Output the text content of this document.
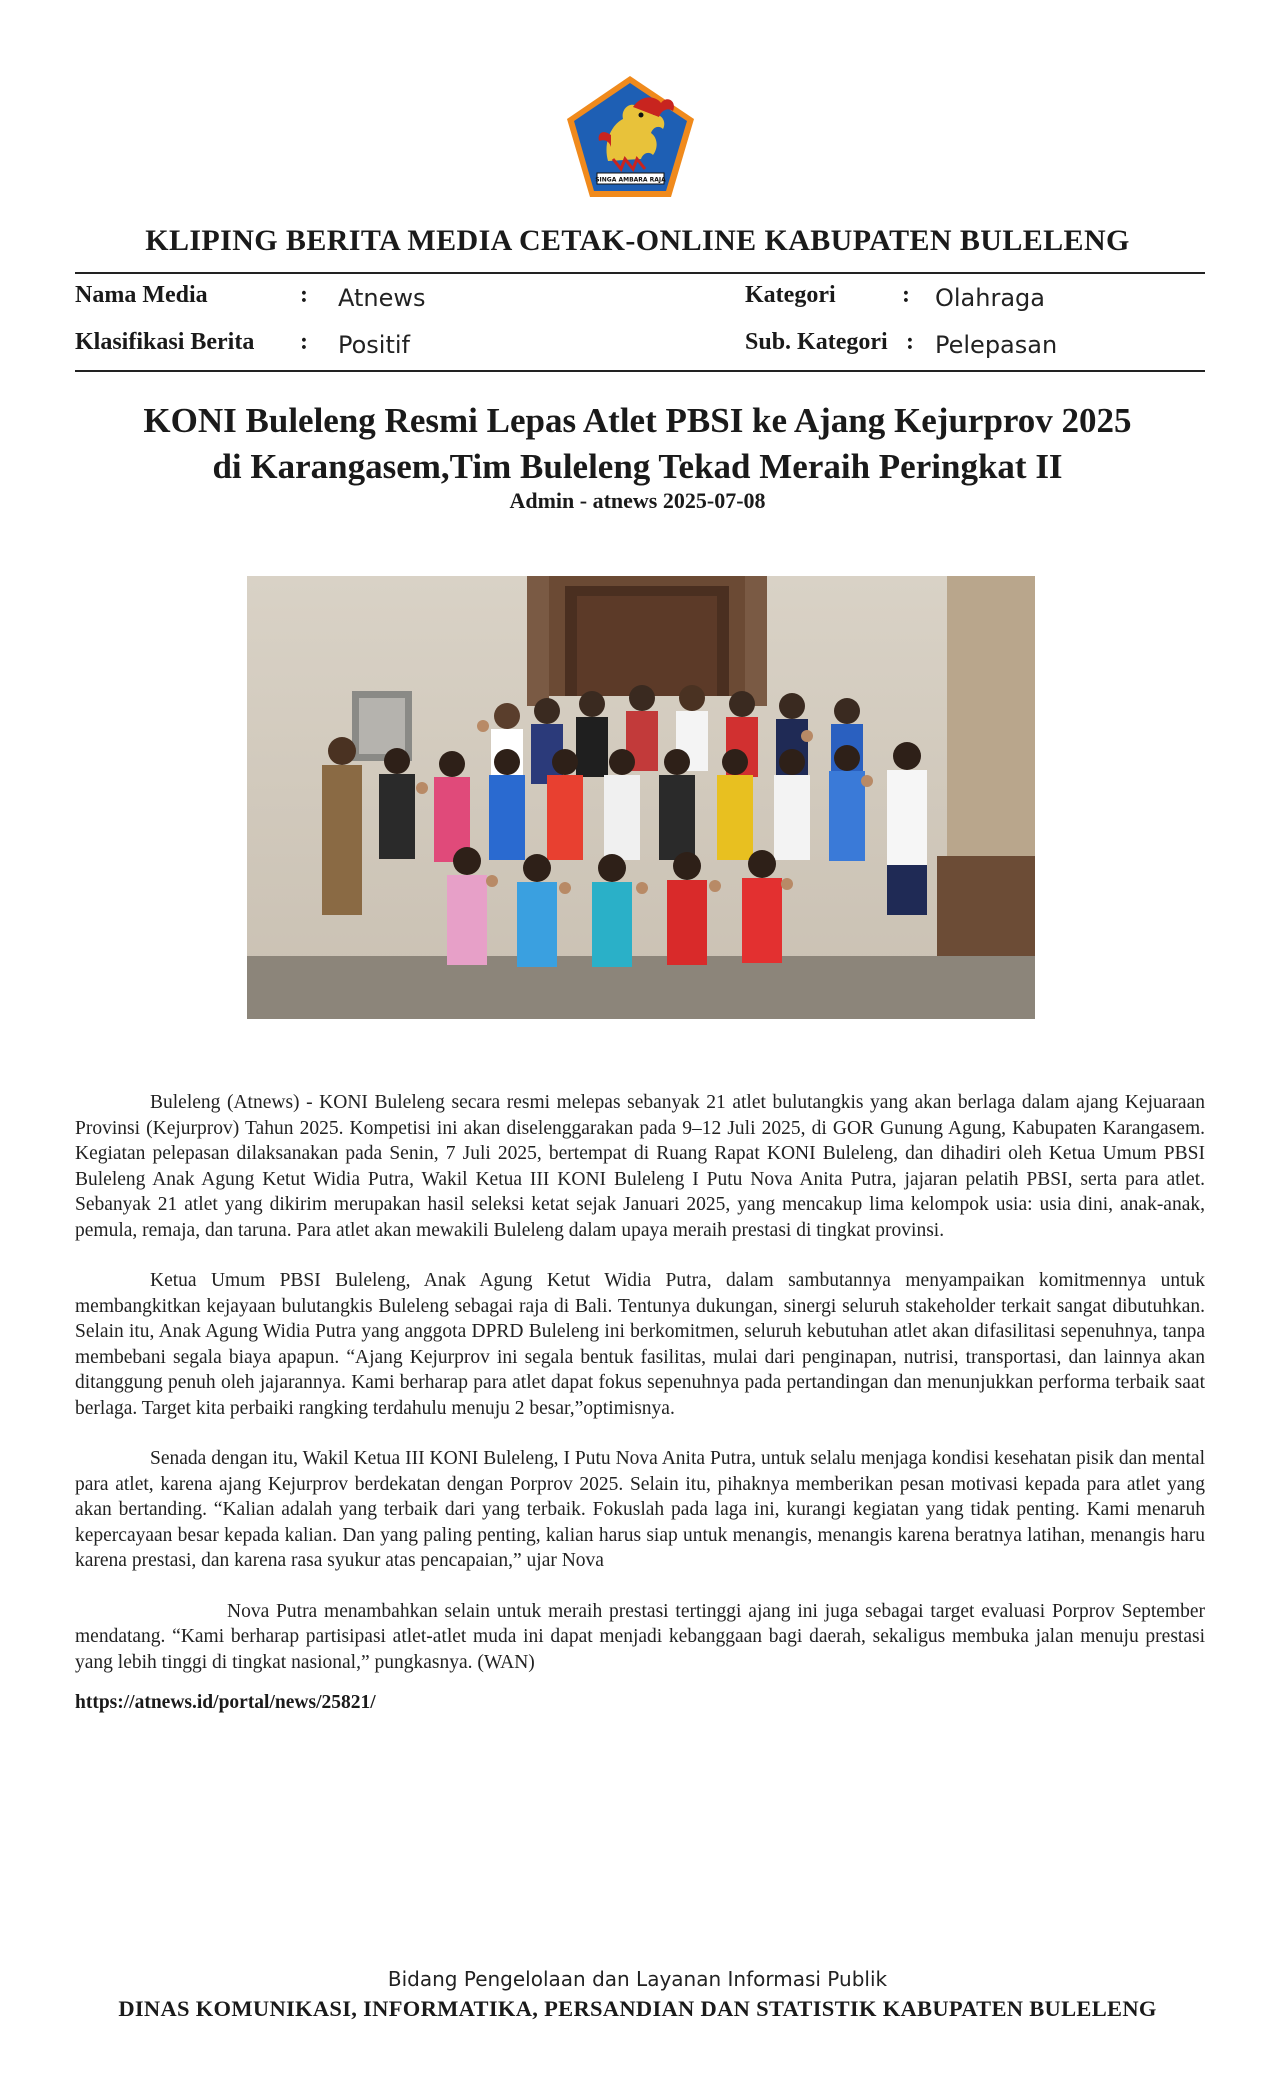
SINGA AMBARA RAJA
KLIPING BERITA MEDIA CETAK-ONLINE KABUPATEN BULELENG
Nama Media	: Atnews	Kategori	: Olahraga
Klasifikasi Berita : Positif	Sub. Kategori : Pelepasan
KONI Buleleng Resmi Lepas Atlet PBSI ke Ajang Kejurprov 2025
di Karangasem,Tim Buleleng Tekad Meraih Peringkat II
Admin - atnews 2025-07-08

Buleleng (Atnews) - KONI Buleleng secara resmi melepas sebanyak 21 atlet bulutangkis yang akan berlaga dalam ajang Kejuaraan Provinsi (Kejurprov) Tahun 2025. Kompetisi ini akan diselenggarakan pada 9–12 Juli 2025, di GOR Gunung Agung, Kabupaten Karangasem. Kegiatan pelepasan dilaksanakan pada Senin, 7 Juli 2025, bertempat di Ruang Rapat KONI Buleleng, dan dihadiri oleh Ketua Umum PBSI Buleleng Anak Agung Ketut Widia Putra, Wakil Ketua III KONI Buleleng I Putu Nova Anita Putra, jajaran pelatih PBSI, serta para atlet. Sebanyak 21 atlet yang dikirim merupakan hasil seleksi ketat sejak Januari 2025, yang mencakup lima kelompok usia: usia dini, anak-anak, pemula, remaja, dan taruna. Para atlet akan mewakili Buleleng dalam upaya meraih prestasi di tingkat provinsi.

Ketua Umum PBSI Buleleng, Anak Agung Ketut Widia Putra, dalam sambutannya menyampaikan komitmennya untuk membangkitkan kejayaan bulutangkis Buleleng sebagai raja di Bali. Tentunya dukungan, sinergi seluruh stakeholder terkait sangat dibutuhkan. Selain itu, Anak Agung Widia Putra yang anggota DPRD Buleleng ini berkomitmen, seluruh kebutuhan atlet akan difasilitasi sepenuhnya, tanpa membebani segala biaya apapun. “Ajang Kejurprov ini segala bentuk fasilitas, mulai dari penginapan, nutrisi, transportasi, dan lainnya akan ditanggung penuh oleh jajarannya. Kami berharap para atlet dapat fokus sepenuhnya pada pertandingan dan menunjukkan performa terbaik saat berlaga. Target kita perbaiki rangking terdahulu menuju 2 besar,”optimisnya.

Senada dengan itu, Wakil Ketua III KONI Buleleng, I Putu Nova Anita Putra, untuk selalu menjaga kondisi kesehatan pisik dan mental para atlet, karena ajang Kejurprov berdekatan dengan Porprov 2025. Selain itu, pihaknya memberikan pesan motivasi kepada para atlet yang akan bertanding. “Kalian adalah yang terbaik dari yang terbaik. Fokuslah pada laga ini, kurangi kegiatan yang tidak penting. Kami menaruh kepercayaan besar kepada kalian. Dan yang paling penting, kalian harus siap untuk menangis, menangis karena beratnya latihan, menangis haru karena prestasi, dan karena rasa syukur atas pencapaian,” ujar Nova

Nova Putra menambahkan selain untuk meraih prestasi tertinggi ajang ini juga sebagai target evaluasi Porprov September mendatang. “Kami berharap partisipasi atlet-atlet muda ini dapat menjadi kebanggaan bagi daerah, sekaligus membuka jalan menuju prestasi yang lebih tinggi di tingkat nasional,” pungkasnya. (WAN)

https://atnews.id/portal/news/25821/
Bidang Pengelolaan dan Layanan Informasi Publik
DINAS KOMUNIKASI, INFORMATIKA, PERSANDIAN DAN STATISTIK KABUPATEN BULELENG
